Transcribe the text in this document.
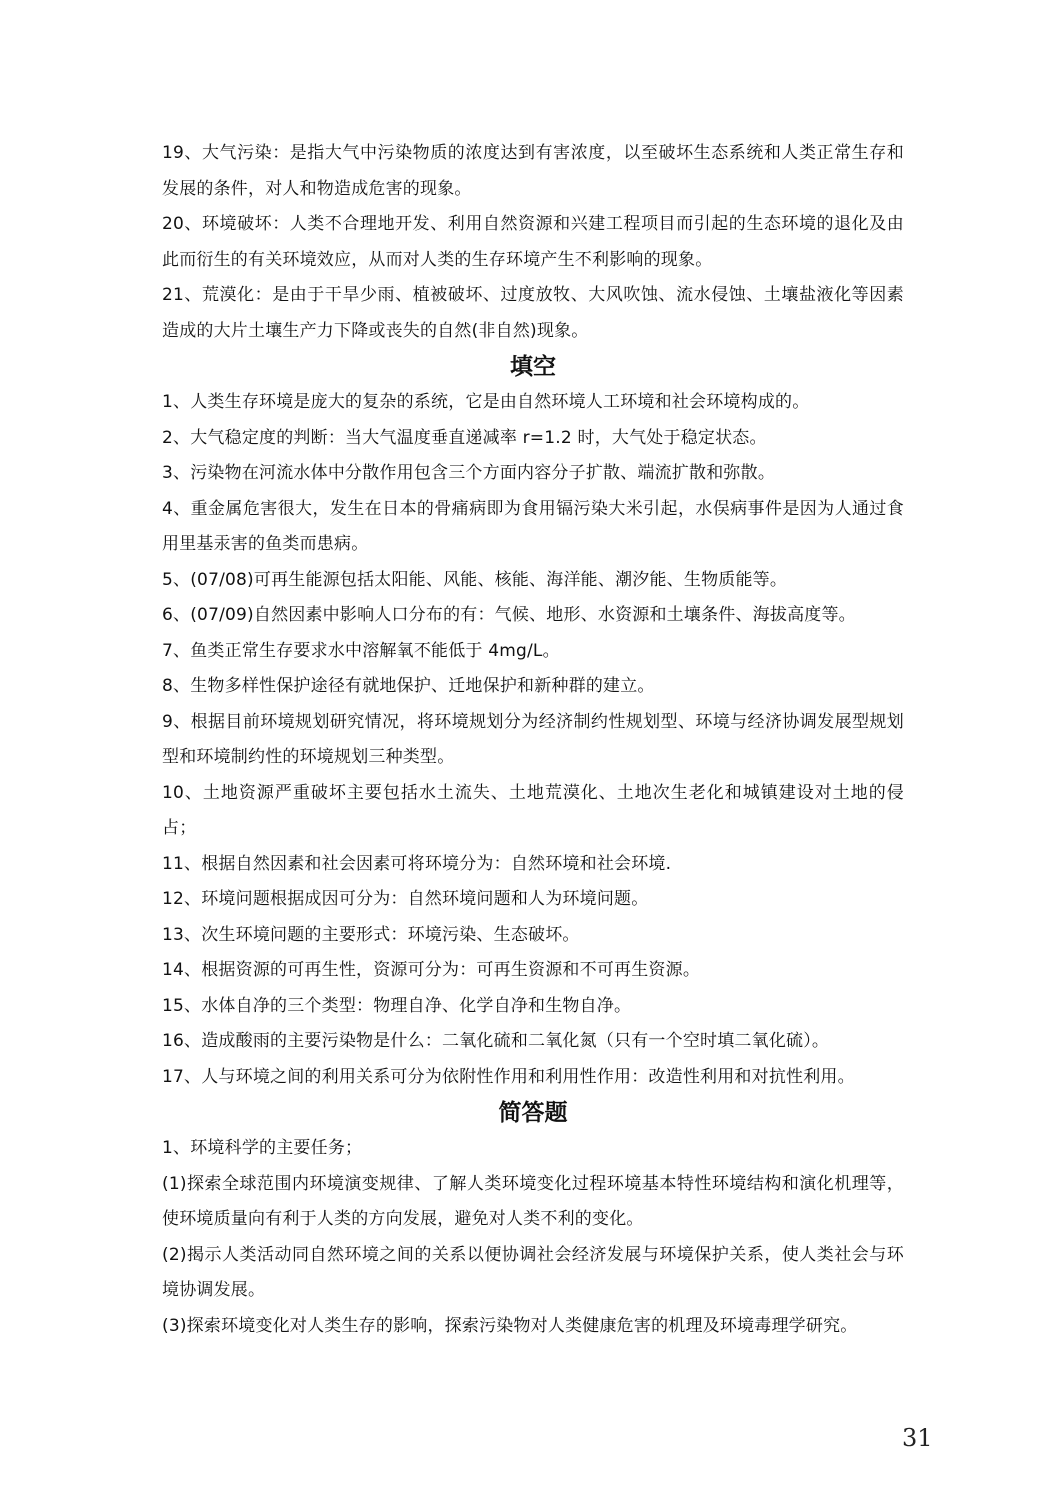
19、大气污染：是指大气中污染物质的浓度达到有害浓度，以至破坏生态系统和人类正常生存和发展的条件，对人和物造成危害的现象。

20、环境破坏：人类不合理地开发、利用自然资源和兴建工程项目而引起的生态环境的退化及由此而衍生的有关环境效应，从而对人类的生存环境产生不利影响的现象。

21、荒漠化：是由于干旱少雨、植被破坏、过度放牧、大风吹蚀、流水侵蚀、土壤盐液化等因素造成的大片土壤生产力下降或丧失的自然(非自然)现象。

填空

1、人类生存环境是庞大的复杂的系统，它是由自然环境人工环境和社会环境构成的。

2、大气稳定度的判断：当大气温度垂直递减率 r=1.2 时，大气处于稳定状态。

3、污染物在河流水体中分散作用包含三个方面内容分子扩散、端流扩散和弥散。

4、重金属危害很大，发生在日本的骨痛病即为食用镉污染大米引起，水俣病事件是因为人通过食用里基汞害的鱼类而患病。

5、(07/08)可再生能源包括太阳能、风能、核能、海洋能、潮汐能、生物质能等。

6、(07/09)自然因素中影响人口分布的有：气候、地形、水资源和土壤条件、海拔高度等。

7、鱼类正常生存要求水中溶解氧不能低于 4mg/L。

8、生物多样性保护途径有就地保护、迁地保护和新种群的建立。

9、根据目前环境规划研究情况，将环境规划分为经济制约性规划型、环境与经济协调发展型规划型和环境制约性的环境规划三种类型。

10、土地资源严重破坏主要包括水土流失、土地荒漠化、土地次生老化和城镇建设对土地的侵占；

11、根据自然因素和社会因素可将环境分为：自然环境和社会环境.

12、环境问题根据成因可分为：自然环境问题和人为环境问题。

13、次生环境问题的主要形式：环境污染、生态破坏。

14、根据资源的可再生性，资源可分为：可再生资源和不可再生资源。

15、水体自净的三个类型：物理自净、化学自净和生物自净。

16、造成酸雨的主要污染物是什么：二氧化硫和二氧化氮（只有一个空时填二氧化硫）。

17、人与环境之间的利用关系可分为依附性作用和利用性作用：改造性利用和对抗性利用。

简答题

1、环境科学的主要任务；

(1)探索全球范围内环境演变规律、了解人类环境变化过程环境基本特性环境结构和演化机理等，使环境质量向有利于人类的方向发展，避免对人类不利的变化。

(2)揭示人类活动同自然环境之间的关系以便协调社会经济发展与环境保护关系，使人类社会与环境协调发展。

(3)探索环境变化对人类生存的影响，探索污染物对人类健康危害的机理及环境毒理学研究。

31
